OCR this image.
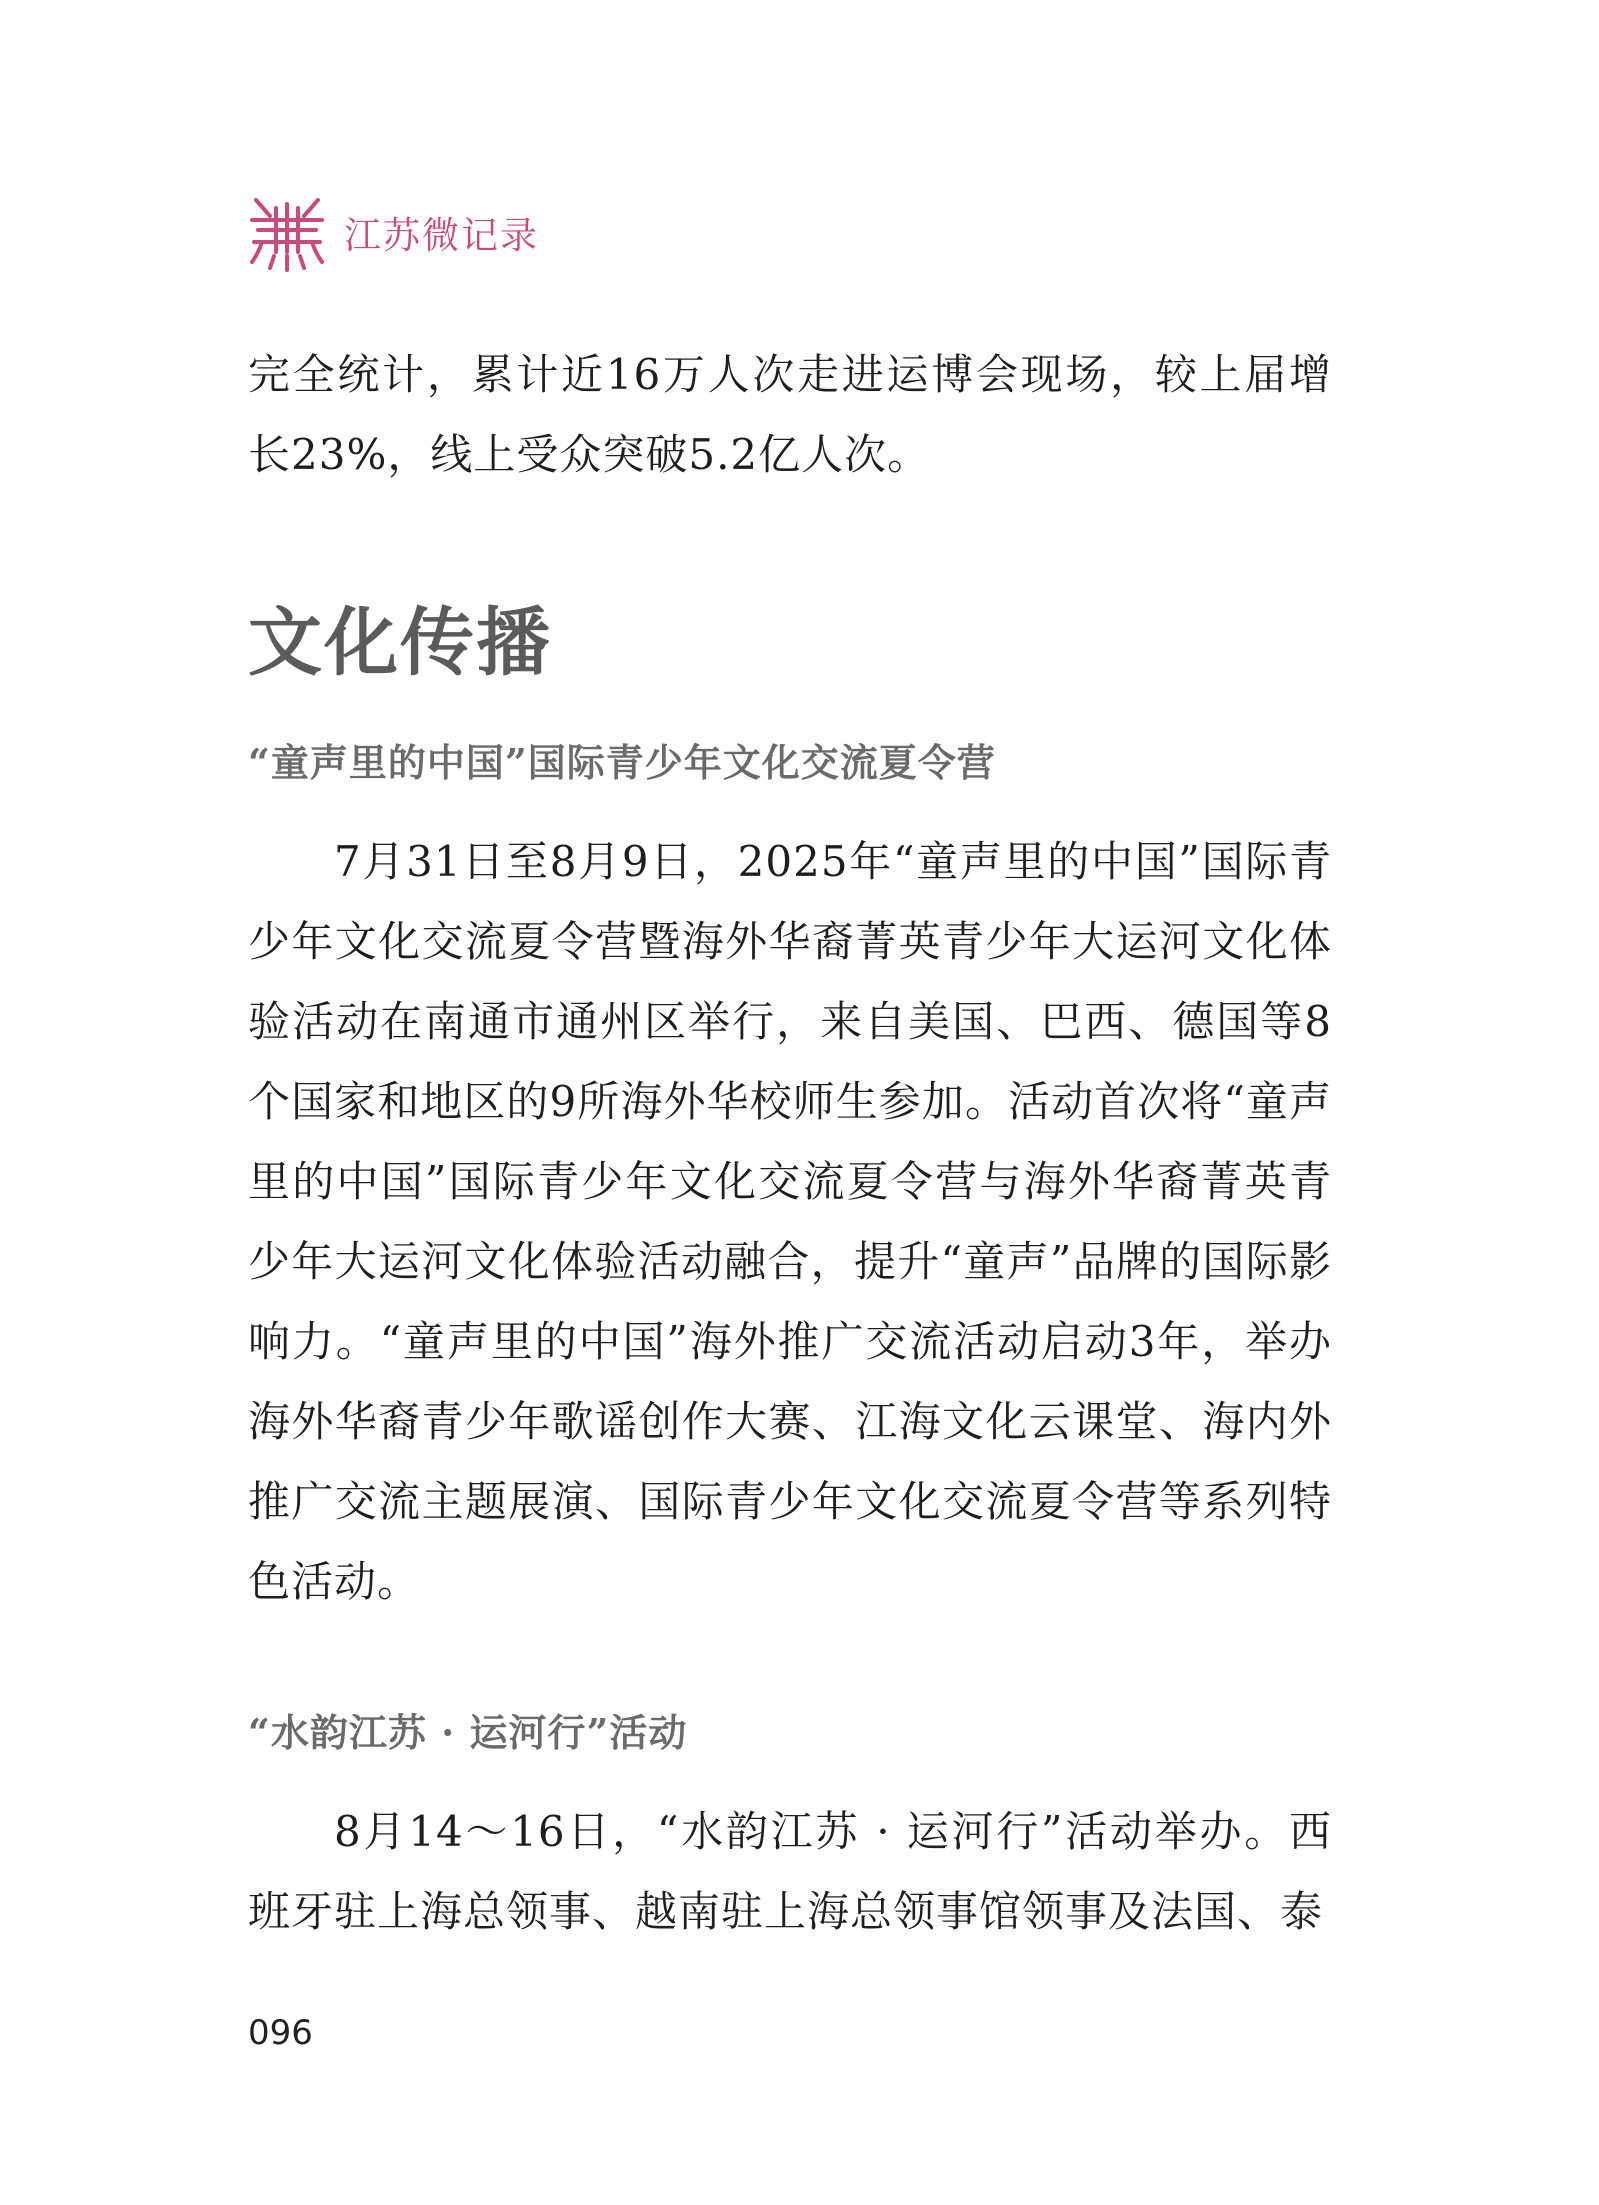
江苏微记录
完全统计，累计近16万人次走进运博会现场，较上届增长23%，线上受众突破5.2亿人次。
文化传播
“童声里的中国”国际青少年文化交流夏令营
7月31日至8月9日，2025年“童声里的中国”国际青少年文化交流夏令营暨海外华裔菁英青少年大运河文化体验活动在南通市通州区举行，来自美国、巴西、德国等8个国家和地区的9所海外华校师生参加。活动首次将“童声里的中国”国际青少年文化交流夏令营与海外华裔菁英青少年大运河文化体验活动融合，提升“童声”品牌的国际影响力。“童声里的中国”海外推广交流活动启动3年，举办海外华裔青少年歌谣创作大赛、江海文化云课堂、海内外推广交流主题展演、国际青少年文化交流夏令营等系列特色活动。
“水韵江苏 · 运河行”活动
8月14～16日，“水韵江苏 · 运河行”活动举办。西班牙驻上海总领事、越南驻上海总领事馆领事及法国、泰
096
